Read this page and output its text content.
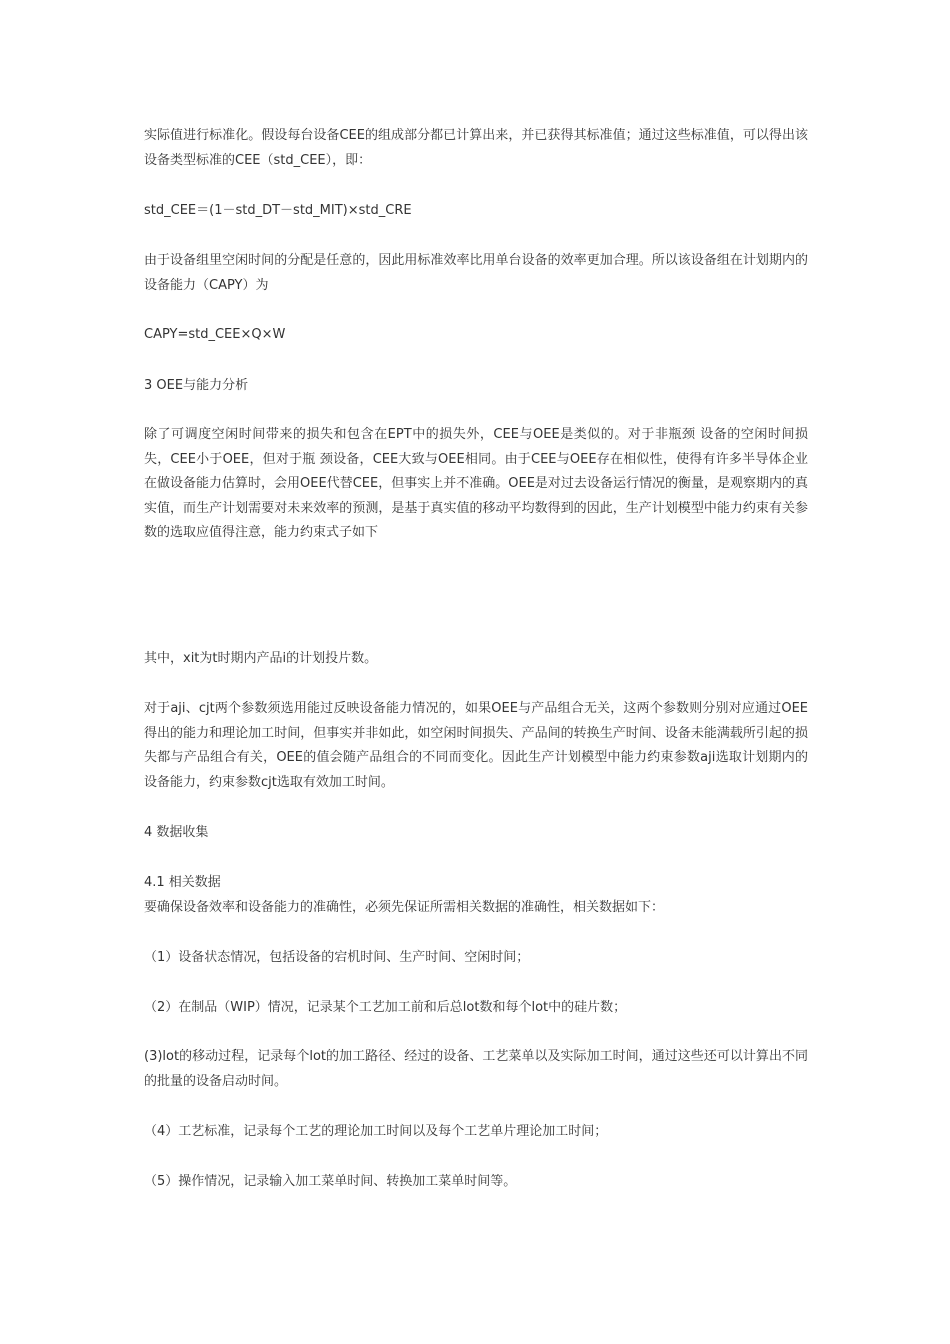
实际值进行标准化。假设每台设备CEE的组成部分都已计算出来，并已获得其标准值；通过这些标准值，可以得出该设备类型标准的CEE（std_CEE），即：

std_CEE＝(1－std_DT－std_MIT)×std_CRE

由于设备组里空闲时间的分配是任意的，因此用标准效率比用单台设备的效率更加合理。所以该设备组在计划期内的设备能力（CAPY）为

CAPY=std_CEE×Q×W

3 OEE与能力分析

除了可调度空闲时间带来的损失和包含在EPT中的损失外，CEE与OEE是类似的。对于非瓶颈 设备的空闲时间损失，CEE小于OEE，但对于瓶 颈设备，CEE大致与OEE相同。由于CEE与OEE存在相似性，使得有许多半导体企业在做设备能力估算时，会用OEE代替CEE，但事实上并不准确。OEE是对过去设备运行情况的衡量，是观察期内的真实值，而生产计划需要对未来效率的预测，是基于真实值的移动平均数得到的因此，生产计划模型中能力约束有关参数的选取应值得注意，能力约束式子如下

其中，xit为t时期内产品i的计划投片数。

对于aji、cjt两个参数须选用能过反映设备能力情况的，如果OEE与产品组合无关，这两个参数则分别对应通过OEE得出的能力和理论加工时间，但事实并非如此，如空闲时间损失、产品间的转换生产时间、设备未能满载所引起的损失都与产品组合有关，OEE的值会随产品组合的不同而变化。因此生产计划模型中能力约束参数aji选取计划期内的设备能力，约束参数cjt选取有效加工时间。

4 数据收集

4.1 相关数据

要确保设备效率和设备能力的准确性，必须先保证所需相关数据的准确性，相关数据如下：

（1）设备状态情况，包括设备的宕机时间、生产时间、空闲时间；

（2）在制品（WIP）情况，记录某个工艺加工前和后总lot数和每个lot中的硅片数；

(3)lot的移动过程，记录每个lot的加工路径、经过的设备、工艺菜单以及实际加工时间，通过这些还可以计算出不同的批量的设备启动时间。

（4）工艺标准，记录每个工艺的理论加工时间以及每个工艺单片理论加工时间；

（5）操作情况，记录输入加工菜单时间、转换加工菜单时间等。
